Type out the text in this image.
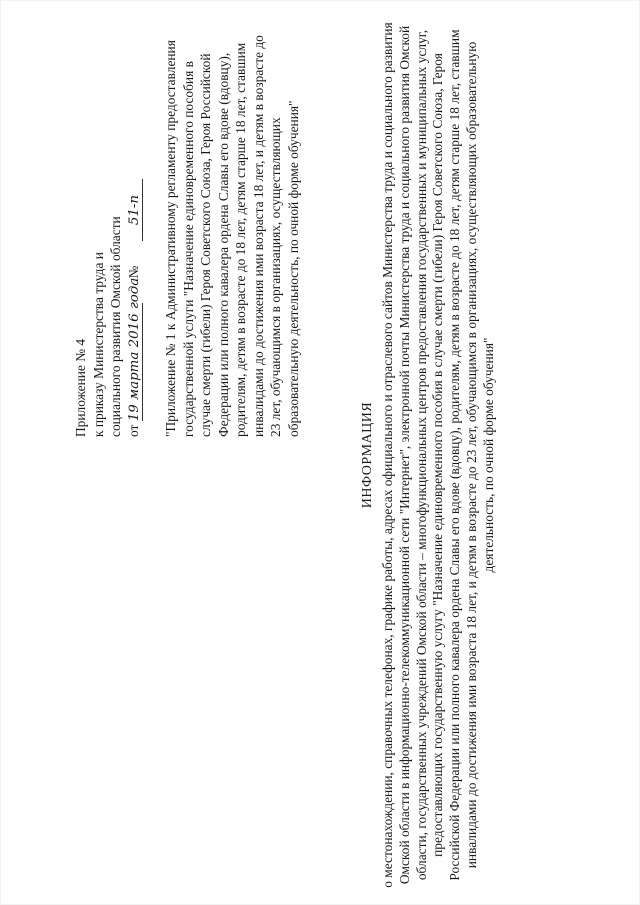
Приложение № 4 к приказу Министерства труда и социального развития Омской области от 19 марта 2016 года  №  51-п "Приложение № 1 к Административному регламенту предоставления государственной услуги "Назначение единовременного пособия в случае смерти (гибели) Героя Советского Союза, Героя Российской Федерации или полного кавалера ордена Славы его вдове (вдовцу), родителям, детям в возрасте до 18 лет, детям старше 18 лет, ставшим инвалидами до достижения ими возраста 18 лет, и детям в возрасте до 23 лет, обучающимся в организациях, осуществляющих образовательную деятельность, по очной форме обучения"

ИНФОРМАЦИЯ о местонахождении, справочных телефонах, графике работы, адресах официального и отраслевого сайтов Министерства труда и социального развития Омской области в информационно-телекоммуникационной сети "Интернет", электронной почты Министерства труда и социального развития Омской области, государственных учреждений Омской области – многофункциональных центров предоставления государственных и муниципальных услуг, предоставляющих государственную услугу "Назначение единовременного пособия в случае смерти (гибели) Героя Советского Союза, Героя Российской Федерации или полного кавалера ордена Славы его вдове (вдовцу), родителям, детям в возрасте до 18 лет, детям старше 18 лет, ставшим инвалидами до достижения ими возраста 18 лет, и детям в возрасте до 23 лет, обучающимся в организациях, осуществляющих образовательную деятельность, по очной форме обучения"
